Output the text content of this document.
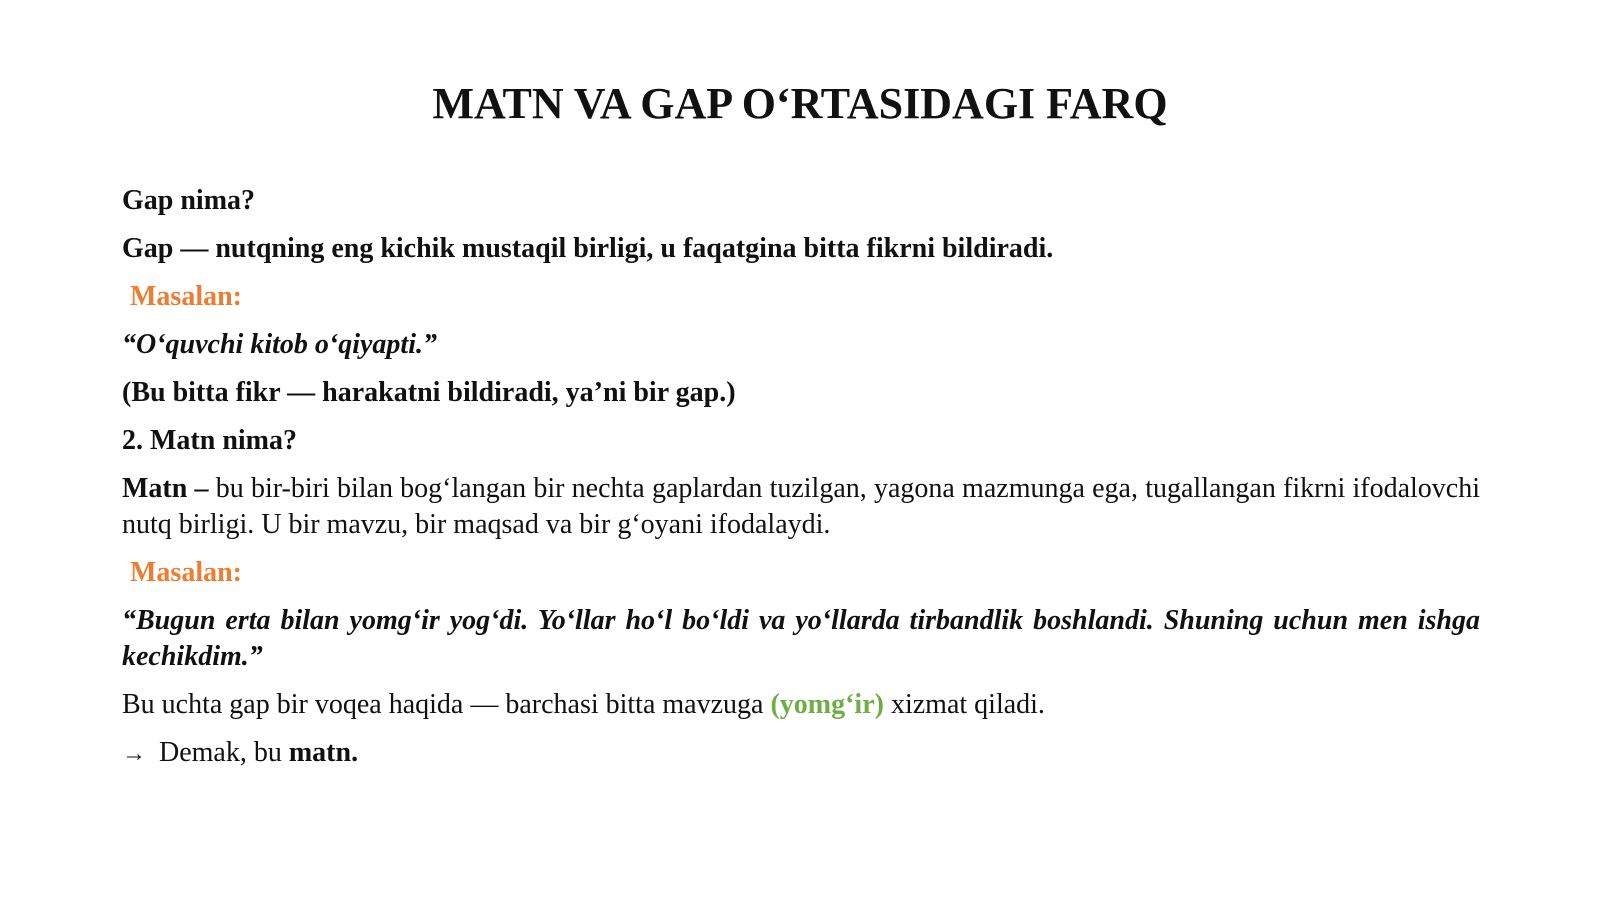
MATN VA GAP O‘RTASIDAGI FARQ

Gap nima?

Gap — nutqning eng kichik mustaqil birligi, u faqatgina bitta fikrni bildiradi.

Masalan:

“O‘quvchi kitob o‘qiyapti.”

(Bu bitta fikr — harakatni bildiradi, ya’ni bir gap.)

2. Matn nima?

Matn – bu bir-biri bilan bog‘langan bir nechta gaplardan tuzilgan, yagona mazmunga ega, tugallangan fikrni ifodalovchi nutq birligi. U bir mavzu, bir maqsad va bir g‘oyani ifodalaydi.

Masalan:

“Bugun erta bilan yomg‘ir yog‘di. Yo‘llar ho‘l bo‘ldi va yo‘llarda tirbandlik boshlandi. Shuning uchun men ishga kechikdim.”

Bu uchta gap bir voqea haqida — barchasi bitta mavzuga (yomg‘ir) xizmat qiladi.

→ Demak, bu matn.
